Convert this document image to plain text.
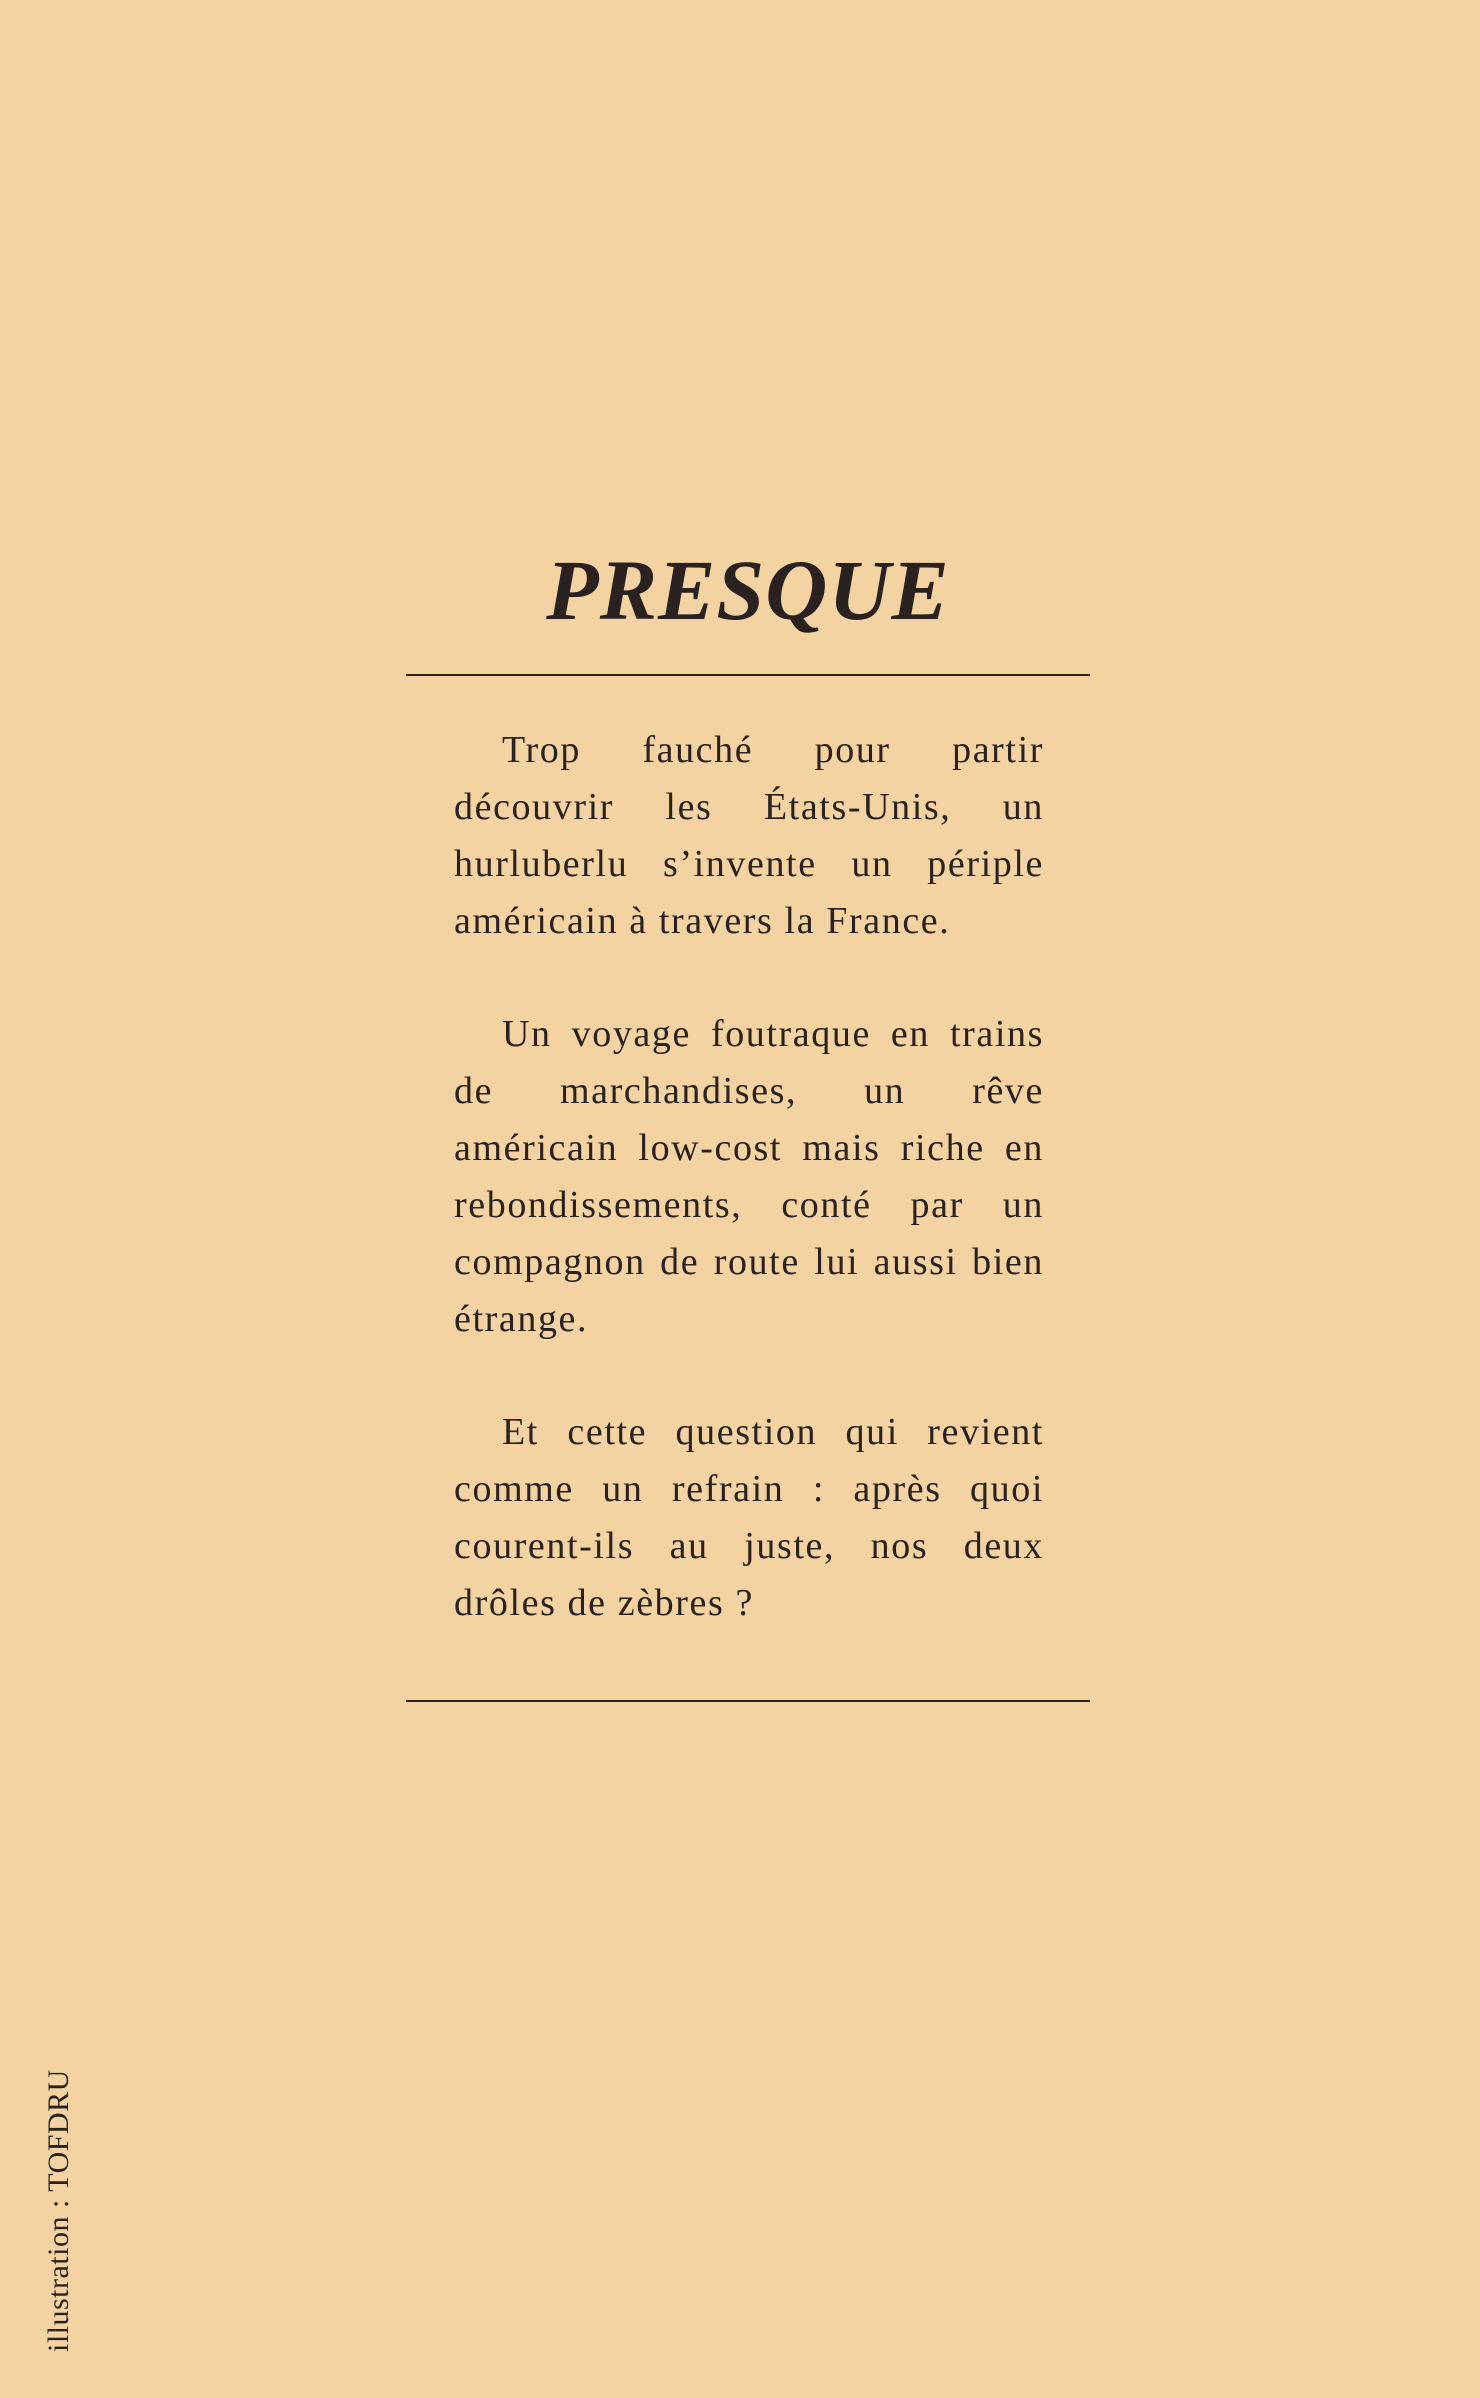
PRESQUE

Trop fauché pour partir découvrir les États-Unis, un hurluberlu s’invente un périple américain à travers la France.

Un voyage foutraque en trains de marchandises, un rêve américain low-cost mais riche en rebondissements, conté par un compagnon de route lui aussi bien étrange.

Et cette question qui revient comme un refrain : après quoi courent-ils au juste, nos deux drôles de zèbres ?

illustration : TOFDRU
